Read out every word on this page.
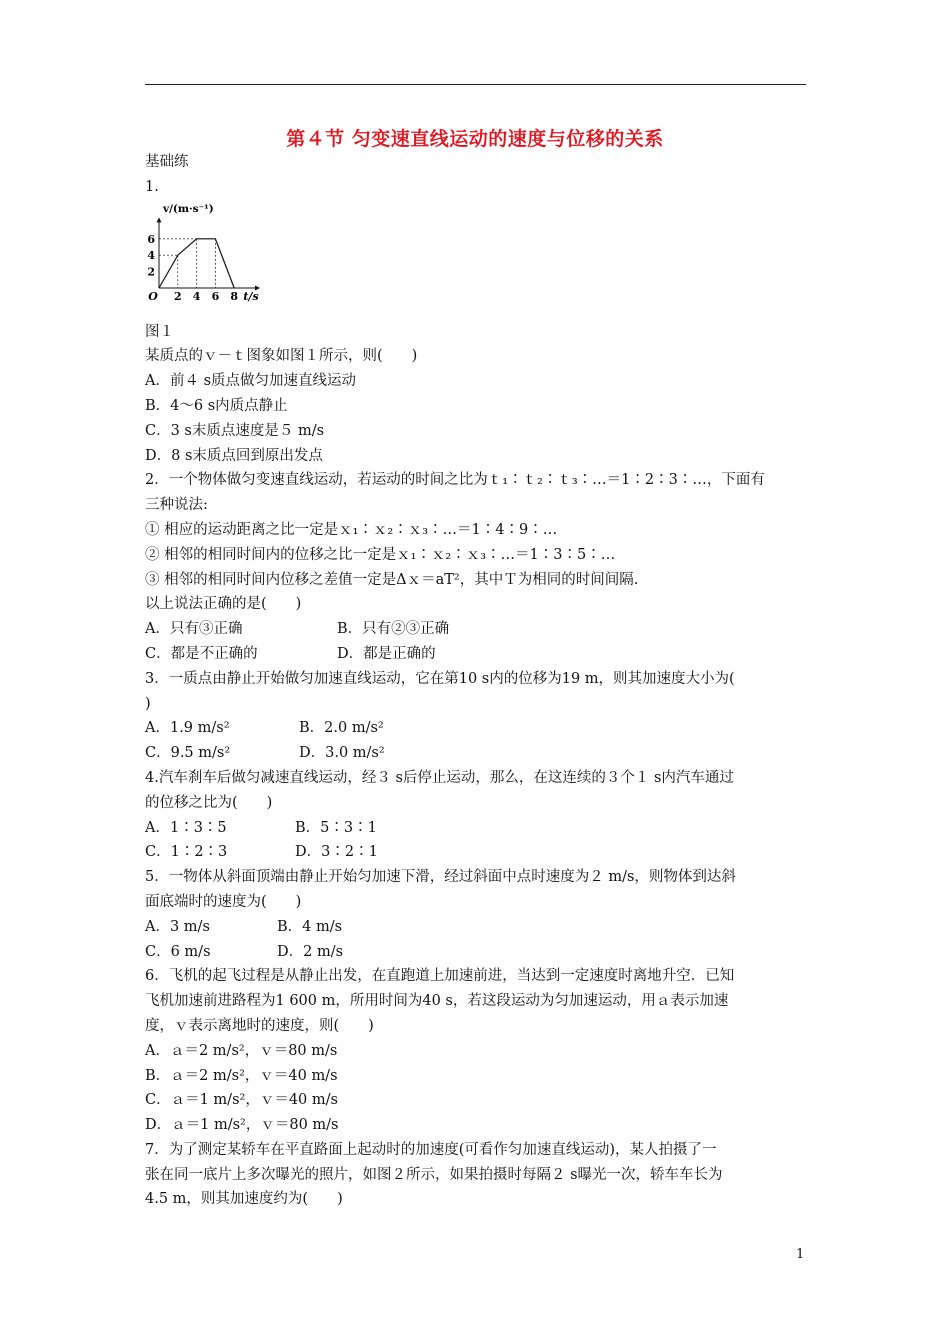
第４节 匀变速直线运动的速度与位移的关系
基础练
1.
2
4
6
2 4 6 8
O	t/s
v/(m·s⁻¹)
图１
某质点的ｖ－ｔ图象如图１所示，则(　　)
A．前４ s质点做匀加速直线运动
B．4～6 s内质点静止
C．3 s末质点速度是５ m/s
D．8 s末质点回到原出发点
2．一个物体做匀变速直线运动，若运动的时间之比为ｔ₁∶ｔ₂∶ｔ₃∶…＝1∶2∶3∶…，下面有
三种说法:
① 相应的运动距离之比一定是ｘ₁∶ｘ₂∶ｘ₃∶…＝1∶4∶9∶…
② 相邻的相同时间内的位移之比一定是ｘ₁∶ｘ₂∶ｘ₃∶…＝1∶3∶5∶…
③ 相邻的相同时间内位移之差值一定是Δｘ＝aT²，其中Ｔ为相同的时间间隔.
以上说法正确的是(　　)
A．只有③正确	B．只有②③正确
C．都是不正确的	D．都是正确的
3．一质点由静止开始做匀加速直线运动，它在第10 s内的位移为19 m，则其加速度大小为(
)
A．1.9 m/s²	B．2.0 m/s²
C．9.5 m/s²	D．3.0 m/s²
4.汽车刹车后做匀减速直线运动，经３ s后停止运动，那么，在这连续的３个１ s内汽车通过
的位移之比为(　　)
A．1∶3∶5	B．5∶3∶1
C．1∶2∶3	D．3∶2∶1
5．一物体从斜面顶端由静止开始匀加速下滑，经过斜面中点时速度为２ m/s，则物体到达斜
面底端时的速度为(　　)
A．3 m/s	B．4 m/s
C．6 m/s	D．2 m/s
6．飞机的起飞过程是从静止出发，在直跑道上加速前进，当达到一定速度时离地升空．已知
飞机加速前进路程为1 600 m，所用时间为40 s，若这段运动为匀加速运动，用ａ表示加速
度，ｖ表示离地时的速度，则(　　)
A．ａ＝2 m/s²，ｖ＝80 m/s
B．ａ＝2 m/s²，ｖ＝40 m/s
C．ａ＝1 m/s²，ｖ＝40 m/s
D．ａ＝1 m/s²，ｖ＝80 m/s
7．为了测定某轿车在平直路面上起动时的加速度(可看作匀加速直线运动)，某人拍摄了一
张在同一底片上多次曝光的照片，如图２所示，如果拍摄时每隔２ s曝光一次，轿车车长为
4.5 m，则其加速度约为(　　)
1
